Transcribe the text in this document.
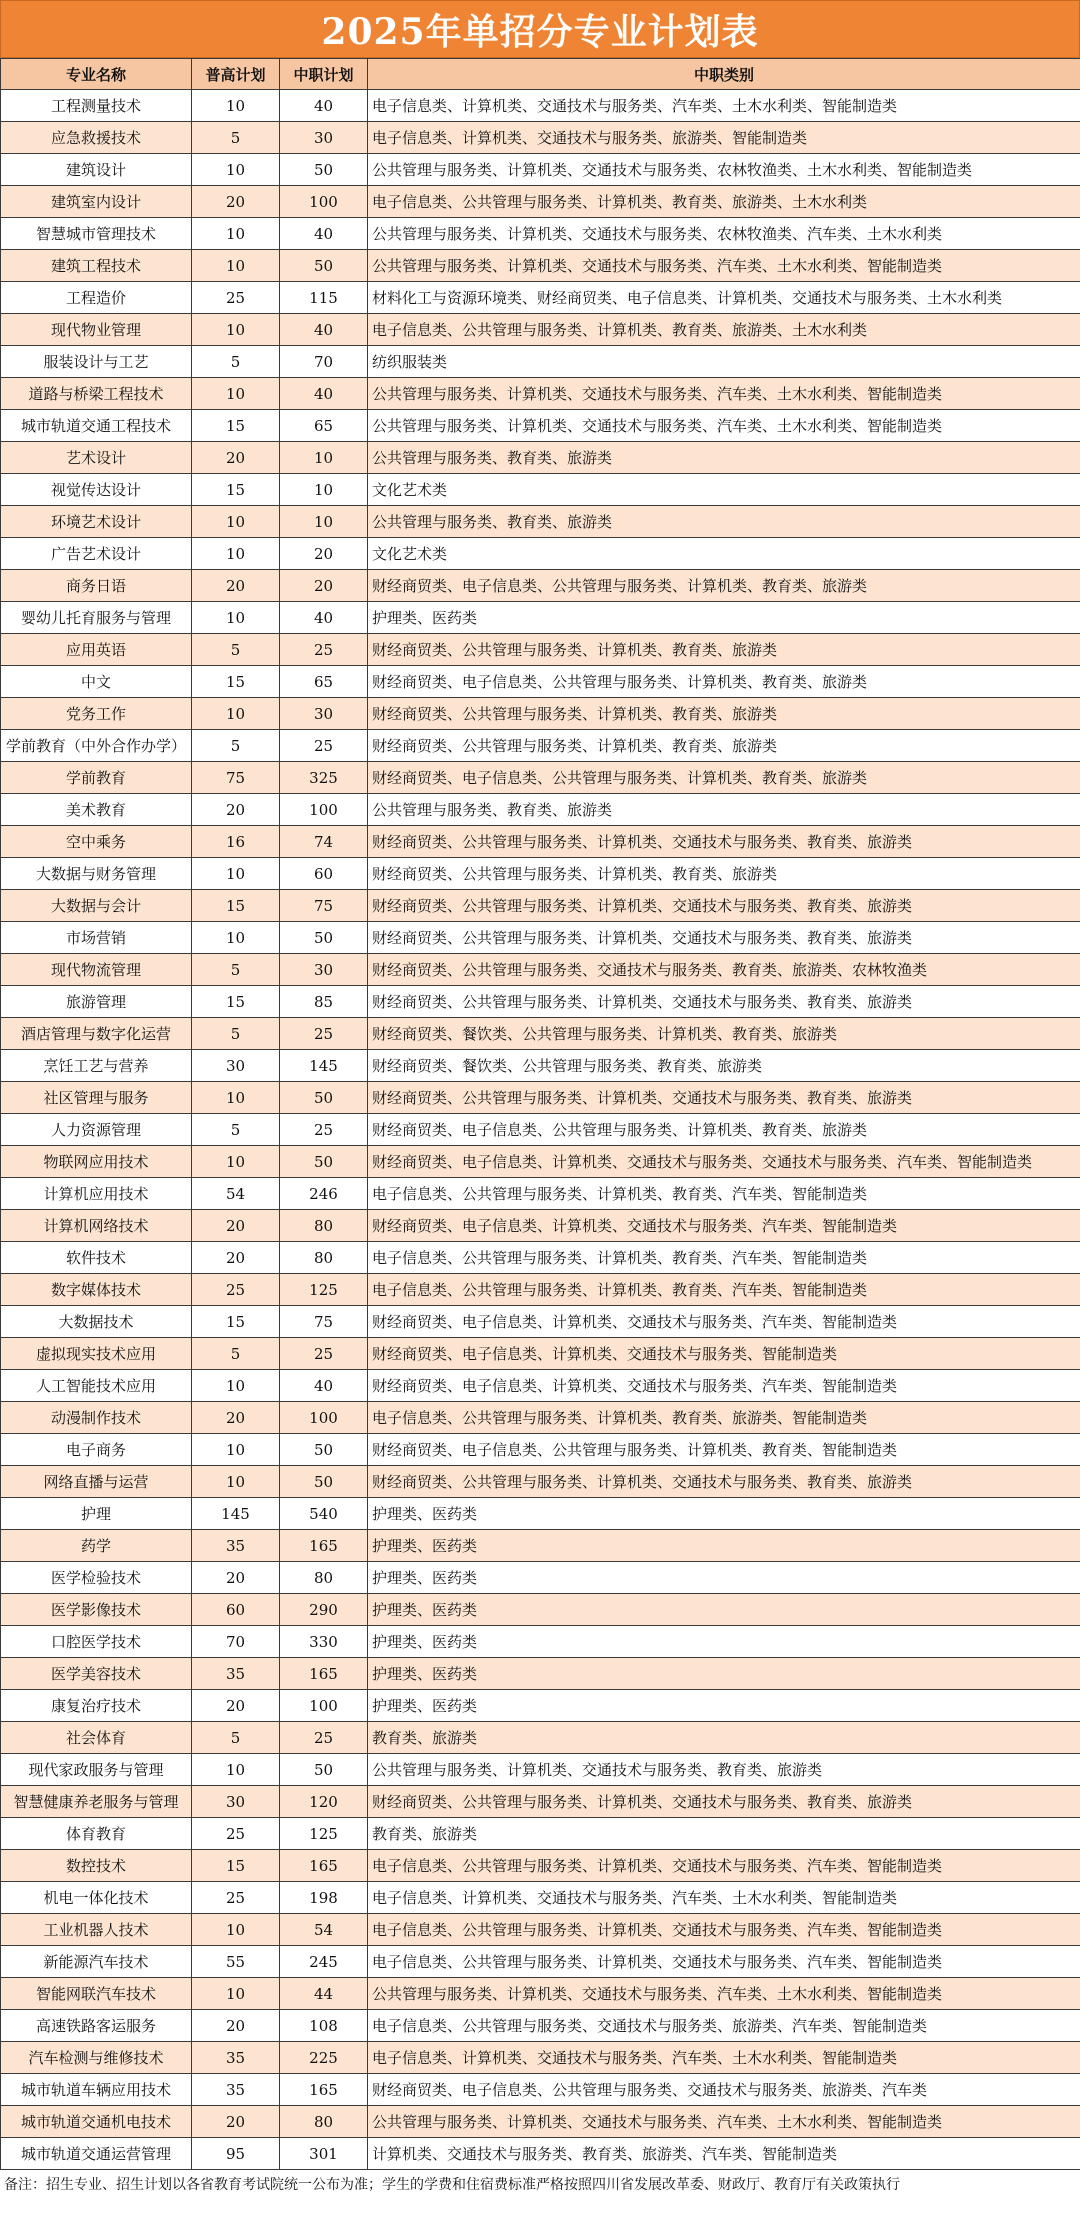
2025年单招分专业计划表
专业名称	普高计划	中职计划	中职类别
工程测量技术	10	40	电子信息类、计算机类、交通技术与服务类、汽车类、土木水利类、智能制造类
应急救援技术	5	30	电子信息类、计算机类、交通技术与服务类、旅游类、智能制造类
建筑设计	10	50	公共管理与服务类、计算机类、交通技术与服务类、农林牧渔类、土木水利类、智能制造类
建筑室内设计	20	100	电子信息类、公共管理与服务类、计算机类、教育类、旅游类、土木水利类
智慧城市管理技术	10	40	公共管理与服务类、计算机类、交通技术与服务类、农林牧渔类、汽车类、土木水利类
建筑工程技术	10	50	公共管理与服务类、计算机类、交通技术与服务类、汽车类、土木水利类、智能制造类
工程造价	25	115	材料化工与资源环境类、财经商贸类、电子信息类、计算机类、交通技术与服务类、土木水利类
现代物业管理	10	40	电子信息类、公共管理与服务类、计算机类、教育类、旅游类、土木水利类
服装设计与工艺	5	70	纺织服装类
道路与桥梁工程技术	10	40	公共管理与服务类、计算机类、交通技术与服务类、汽车类、土木水利类、智能制造类
城市轨道交通工程技术	15	65	公共管理与服务类、计算机类、交通技术与服务类、汽车类、土木水利类、智能制造类
艺术设计	20	10	公共管理与服务类、教育类、旅游类
视觉传达设计	15	10	文化艺术类
环境艺术设计	10	10	公共管理与服务类、教育类、旅游类
广告艺术设计	10	20	文化艺术类
商务日语	20	20	财经商贸类、电子信息类、公共管理与服务类、计算机类、教育类、旅游类
婴幼儿托育服务与管理	10	40	护理类、医药类
应用英语	5	25	财经商贸类、公共管理与服务类、计算机类、教育类、旅游类
中文	15	65	财经商贸类、电子信息类、公共管理与服务类、计算机类、教育类、旅游类
党务工作	10	30	财经商贸类、公共管理与服务类、计算机类、教育类、旅游类
学前教育（中外合作办学）	5	25	财经商贸类、公共管理与服务类、计算机类、教育类、旅游类
学前教育	75	325	财经商贸类、电子信息类、公共管理与服务类、计算机类、教育类、旅游类
美术教育	20	100	公共管理与服务类、教育类、旅游类
空中乘务	16	74	财经商贸类、公共管理与服务类、计算机类、交通技术与服务类、教育类、旅游类
大数据与财务管理	10	60	财经商贸类、公共管理与服务类、计算机类、教育类、旅游类
大数据与会计	15	75	财经商贸类、公共管理与服务类、计算机类、交通技术与服务类、教育类、旅游类
市场营销	10	50	财经商贸类、公共管理与服务类、计算机类、交通技术与服务类、教育类、旅游类
现代物流管理	5	30	财经商贸类、公共管理与服务类、交通技术与服务类、教育类、旅游类、农林牧渔类
旅游管理	15	85	财经商贸类、公共管理与服务类、计算机类、交通技术与服务类、教育类、旅游类
酒店管理与数字化运营	5	25	财经商贸类、餐饮类、公共管理与服务类、计算机类、教育类、旅游类
烹饪工艺与营养	30	145	财经商贸类、餐饮类、公共管理与服务类、教育类、旅游类
社区管理与服务	10	50	财经商贸类、公共管理与服务类、计算机类、交通技术与服务类、教育类、旅游类
人力资源管理	5	25	财经商贸类、电子信息类、公共管理与服务类、计算机类、教育类、旅游类
物联网应用技术	10	50	财经商贸类、电子信息类、计算机类、交通技术与服务类、交通技术与服务类、汽车类、智能制造类
计算机应用技术	54	246	电子信息类、公共管理与服务类、计算机类、教育类、汽车类、智能制造类
计算机网络技术	20	80	财经商贸类、电子信息类、计算机类、交通技术与服务类、汽车类、智能制造类
软件技术	20	80	电子信息类、公共管理与服务类、计算机类、教育类、汽车类、智能制造类
数字媒体技术	25	125	电子信息类、公共管理与服务类、计算机类、教育类、汽车类、智能制造类
大数据技术	15	75	财经商贸类、电子信息类、计算机类、交通技术与服务类、汽车类、智能制造类
虚拟现实技术应用	5	25	财经商贸类、电子信息类、计算机类、交通技术与服务类、智能制造类
人工智能技术应用	10	40	财经商贸类、电子信息类、计算机类、交通技术与服务类、汽车类、智能制造类
动漫制作技术	20	100	电子信息类、公共管理与服务类、计算机类、教育类、旅游类、智能制造类
电子商务	10	50	财经商贸类、电子信息类、公共管理与服务类、计算机类、教育类、智能制造类
网络直播与运营	10	50	财经商贸类、公共管理与服务类、计算机类、交通技术与服务类、教育类、旅游类
护理	145	540	护理类、医药类
药学	35	165	护理类、医药类
医学检验技术	20	80	护理类、医药类
医学影像技术	60	290	护理类、医药类
口腔医学技术	70	330	护理类、医药类
医学美容技术	35	165	护理类、医药类
康复治疗技术	20	100	护理类、医药类
社会体育	5	25	教育类、旅游类
现代家政服务与管理	10	50	公共管理与服务类、计算机类、交通技术与服务类、教育类、旅游类
智慧健康养老服务与管理	30	120	财经商贸类、公共管理与服务类、计算机类、交通技术与服务类、教育类、旅游类
体育教育	25	125	教育类、旅游类
数控技术	15	165	电子信息类、公共管理与服务类、计算机类、交通技术与服务类、汽车类、智能制造类
机电一体化技术	25	198	电子信息类、计算机类、交通技术与服务类、汽车类、土木水利类、智能制造类
工业机器人技术	10	54	电子信息类、公共管理与服务类、计算机类、交通技术与服务类、汽车类、智能制造类
新能源汽车技术	55	245	电子信息类、公共管理与服务类、计算机类、交通技术与服务类、汽车类、智能制造类
智能网联汽车技术	10	44	公共管理与服务类、计算机类、交通技术与服务类、汽车类、土木水利类、智能制造类
高速铁路客运服务	20	108	电子信息类、公共管理与服务类、交通技术与服务类、旅游类、汽车类、智能制造类
汽车检测与维修技术	35	225	电子信息类、计算机类、交通技术与服务类、汽车类、土木水利类、智能制造类
城市轨道车辆应用技术	35	165	财经商贸类、电子信息类、公共管理与服务类、交通技术与服务类、旅游类、汽车类
城市轨道交通机电技术	20	80	公共管理与服务类、计算机类、交通技术与服务类、汽车类、土木水利类、智能制造类
城市轨道交通运营管理	95	301	计算机类、交通技术与服务类、教育类、旅游类、汽车类、智能制造类
备注：招生专业、招生计划以各省教育考试院统一公布为准；学生的学费和住宿费标准严格按照四川省发展改革委、财政厅、教育厅有关政策执行
